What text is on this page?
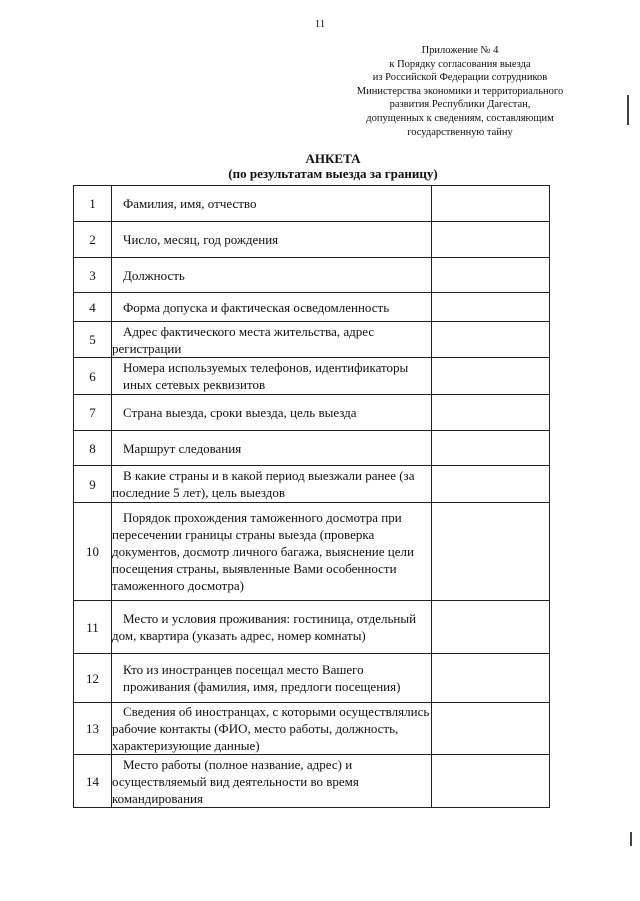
11
Приложение № 4
к Порядку согласования выезда
из Российской Федерации сотрудников
Министерства экономики и территориального
развития Республики Дагестан,
допущенных к сведениям, составляющим
государственную тайну
АНКЕТА
(по результатам выезда за границу)
1	Фамилия, имя, отчество	

2	Число, месяц, год рождения	

3	Должность	

4	Форма допуска и фактическая осведомленность	

5	Адрес фактического места жительства, адрес регистрации	

6	Номера используемых телефонов, идентификаторы иных сетевых реквизитов	

7	Страна выезда, сроки выезда, цель выезда	

8	Маршрут следования	

9	В какие страны и в какой период выезжали ранее (за последние 5 лет), цель выездов	

10	Порядок прохождения таможенного досмотра при пересечении границы страны выезда (проверка документов, досмотр личного багажа, выяснение цели посещения страны, выявленные Вами особенности таможенного досмотра)	

11	Место и условия проживания: гостиница, отдельный дом, квартира (указать адрес, номер комнаты)	

12	Кто из иностранцев посещал место Вашего проживания (фамилия, имя, предлоги посещения)	

13	Сведения об иностранцах, с которыми осуществлялись рабочие контакты (ФИО, место работы, должность, характеризующие данные)	

14	Место работы (полное название, адрес) и осуществляемый вид деятельности во время командирования	
